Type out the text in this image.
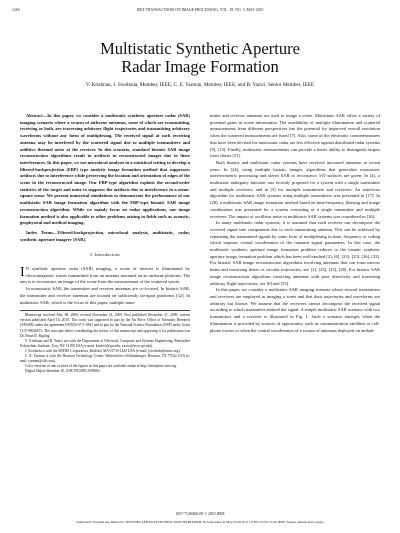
1260	IEEE TRANSACTIONS ON IMAGE PROCESSING, VOL. 19, NO. 5, MAY 2010
Multistatic Synthetic Aperture
Radar Image Formation
V. Krishnan, J. Swoboda, Member, IEEE, C. E. Yarman, Member, IEEE, and B. Yazici, Senior Member, IEEE

Abstract—In this paper, we consider a multistatic synthetic aperture radar (SAR) imaging scenario where a swarm of airborne antennas, some of which are transmitting, receiving or both, are traversing arbitrary flight trajectories and transmitting arbitrary waveforms without any form of multiplexing. The received signal at each receiving antenna may be interfered by the scattered signal due to multiple transmitters and additive thermal noise at the receiver. In this scenario, standard bistatic SAR image reconstruction algorithms result in artifacts in reconstructed images due to these interferences. In this paper, we use microlocal analysis in a statistical setting to develop a filtered-backprojection (FBP) type analytic image formation method that suppresses artifacts due to interference while preserving the location and orientation of edges of the scene in the reconstructed image. Our FBP-type algorithm exploits the second-order statistics of the target and noise to suppress the artifacts due to interference in a mean-square sense. We present numerical simulations to demonstrate the performance of our multistatic SAR image formation algorithm with the FBP-type bistatic SAR image reconstruction algorithm. While we mainly focus on radar applications, our image formation method is also applicable to other problems arising in fields such as acoustic, geophysical and medical imaging.

Index Terms—Filtered-backprojection, microlocal analysis, multistatic, radar, synthetic aperture imagery (SAR).

I. Introduction

I N synthetic aperture radar (SAR) imaging, a scene of interest is illuminated by electromagnetic waves transmitted from an antenna mounted on an airborne platform. The aim is to reconstruct an image of the scene from the measurement of the scattered waves.

In monostatic SAR, the transmitter and receiver antennas are co-located. In bistatic SAR, the transmitter and receiver antennas are located on sufficiently far-apart platforms [32]. In multistatic SAR, which is the focus of this paper, multiple trans-

Manuscript received May 08, 2009; revised November 24, 2009. First published December 31, 2009; current version published April 16, 2010. This work was supported in part by the Air Force Office of Scientific Research (AFOSR) under the agreement FA9550-07-1-0363 and in part by the National Science Foundation (NSF) under Grant CCF-08030672. The associate editor coordinating the review of this manuscript and approving it for publication was Dr. Brian D. Rigling.

V. Krishnan and B. Yazici are with the Department of Electrical, Computer and Systems Engineering, Rensselaer Polytechnic Institute, Troy, NY 12180 USA (e-mail: krishv2@rpi.edu; yazici@ecse.rpi.edu).

J. Swoboda is with the MITRE Corporation, Bedford, MA 01730-1420 USA (e-mail: jswoboda@mitre.org).

C. E. Yarman is with the Houston Technology Center, WesternGeco-Schlumberger, Houston, TX 77042 USA (e-mail: yarman@slb.com).

Color versions of one or more of the figures in this paper are available online at http://ieeexplore.ieee.org.

Digital Object Identifier 10.1109/TIP.2009.2039662

mitter and receiver antennas are used to image a scene. Multistatic SAR offers a variety of potential gains in scene information. The availability of multiple illumination and scattered measurements from different perspectives has the potential for improved overall resolution when the scattered measurements are fused [7]. Also, some of the electronic countermeasures that have been devised for monostatic radar are less effective against distributed radar systems [9], [13]. Finally, multistatic measurements can provide a better ability to distinguish targets from clutter [31].

Both bistatic and multistatic radar systems have received increased attention in recent years. In [24], using multiple bistatic images, algorithms that generalize monostatic interferometric processing and stereo SAR to reconstruct 3-D surfaces are given. In [4], a multistatic ambiguity function was recently proposed for a system with a single transmitter and multiple receivers, and in [3] for multiple transmitters and receivers. An autofocus algorithm for multistatic SAR systems using multiple transmitters was presented in [17]. In [28], a multistatic SAR image formation method based on time-frequency filtering and image combination was presented for a system consisting of a single transmitter and multiple receivers. The impact of oscillator noise in multistatic SAR systems was considered in [16].

In many multistatic radar systems, it is assumed that each receiver can decompose the received signal into components due to each transmitting antenna. This can be achieved by separating the transmitted signals by some form of multiplexing in time, frequency or coding which requires central coordination of the transmit signal parameters. In this case, the multistatic synthetic aperture image formation problem reduces to the bistatic synthetic aperture image formation problem which has been well-studied [2], [6], [23], [25], [26], [33]. For bistatic SAR image reconstruction algorithms involving antennas that can form narrow beam and traversing linear or circular trajectories, see [2], [23], [25], [26]. For bistatic SAR image reconstruction algorithms involving antennas with poor directivity and traversing arbitrary flight trajectories, see [6] and [33].

In this paper, we consider a multistatic SAR imaging scenario where several transmitters and receivers are employed in imaging a scene and that their trajectories and waveforms are arbitrary but known. We assume that the receivers cannot decompose the received signal according to which transmitter emitted the signal. A simple multistatic SAR scenario with two transmitters and a receiver is illustrated in Fig. 1. Such a scenario emerges when the illumination is provided by sources of opportunity, such as communication satellites or cell-phone towers or when the central coordination of a swarm of antennas deployed on unihab-

1057-7149/$26.00 © 2010 IEEE
Authorized licensed use limited to: RENSSELAER POLYTECHNIC INST HARTFORD. Downloaded on May 03,2010 at 14:38:15 UTC from IEEE Xplore. Restrictions apply.
